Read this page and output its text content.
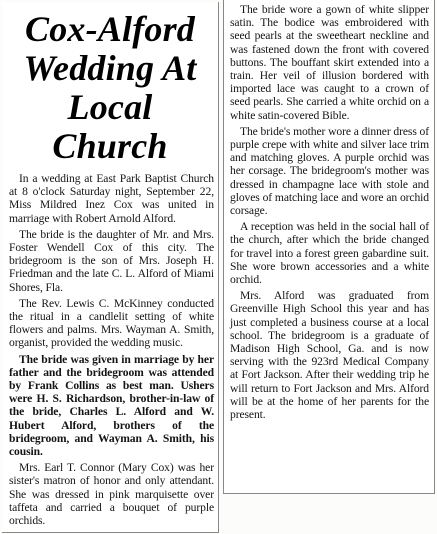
Cox-Alford
Wedding At
Local Church

In a wedding at East Park Baptist Church at 8 o'clock Saturday night, September 22, Miss Mildred Inez Cox was united in marriage with Robert Arnold Alford.

The bride is the daughter of Mr. and Mrs. Foster Wendell Cox of this city. The bridegroom is the son of Mrs. Joseph H. Friedman and the late C. L. Alford of Miami Shores, Fla.

The Rev. Lewis C. McKinney conducted the ritual in a candlelit setting of white flowers and palms. Mrs. Wayman A. Smith, organist, provided the wedding music.

The bride was given in marriage by her father and the bridegroom was attended by Frank Collins as best man. Ushers were H. S. Richardson, brother-in-law of the bride, Charles L. Alford and W. Hubert Alford, brothers of the bridegroom, and Wayman A. Smith, his cousin.

Mrs. Earl T. Connor (Mary Cox) was her sister's matron of honor and only attendant. She was dressed in pink marquisette over taffeta and carried a bouquet of purple orchids.

The bride wore a gown of white slipper satin. The bodice was embroidered with seed pearls at the sweetheart neckline and was fastened down the front with covered buttons. The bouffant skirt extended into a train. Her veil of illusion bordered with imported lace was caught to a crown of seed pearls. She carried a white orchid on a white satin-covered Bible.

The bride's mother wore a dinner dress of purple crepe with white and silver lace trim and matching gloves. A purple orchid was her corsage. The bridegroom's mother was dressed in champagne lace with stole and gloves of matching lace and wore an orchid corsage.

A reception was held in the social hall of the church, after which the bride changed for travel into a forest green gabardine suit. She wore brown accessories and a white orchid.

Mrs. Alford was graduated from Greenville High School this year and has just completed a business course at a local school. The bridegroom is a graduate of Madison High School, Ga. and is now serving with the 923rd Medical Company at Fort Jackson. After their wedding trip he will return to Fort Jackson and Mrs. Alford will be at the home of her parents for the present.
